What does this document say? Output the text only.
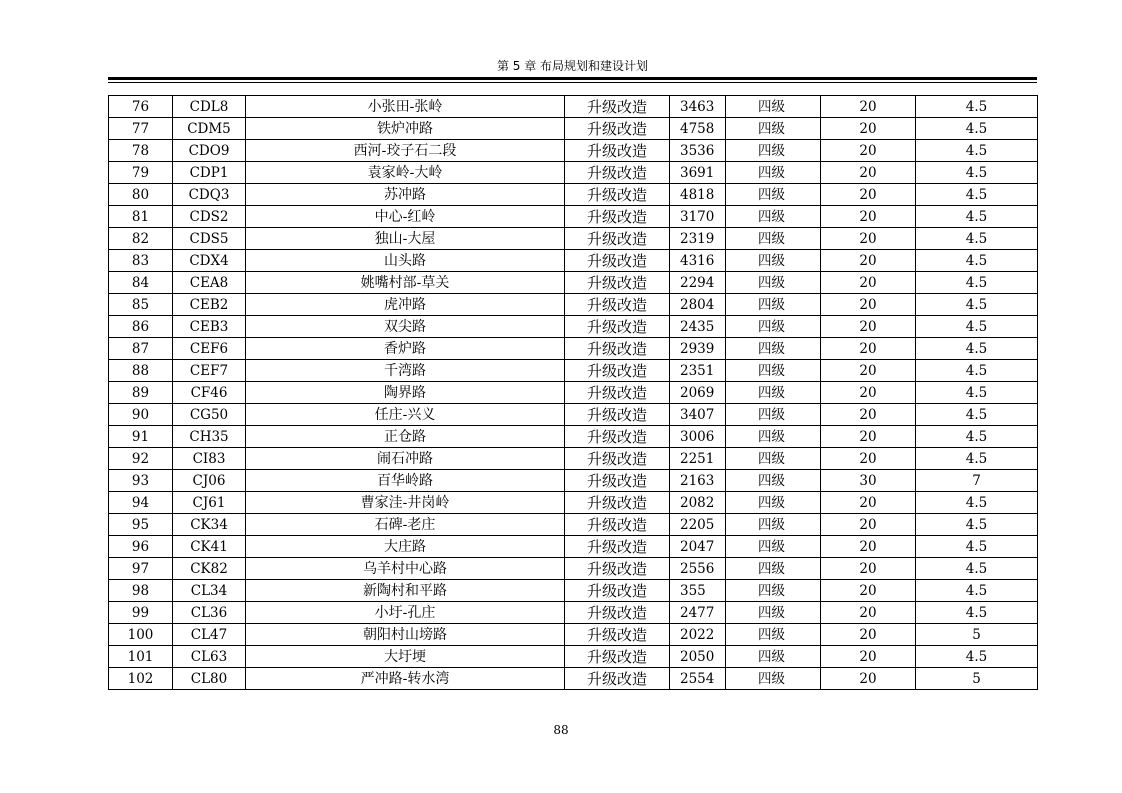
第 5 章 布局规划和建设计划
76	CDL8	小张田-张岭	升级改造	3463	四级	20	4.5
77	CDM5	铁炉冲路	升级改造	4758	四级	20	4.5
78	CDO9	西河-珓子石二段	升级改造	3536	四级	20	4.5
79	CDP1	袁家岭-大岭	升级改造	3691	四级	20	4.5
80	CDQ3	苏冲路	升级改造	4818	四级	20	4.5
81	CDS2	中心-红岭	升级改造	3170	四级	20	4.5
82	CDS5	独山-大屋	升级改造	2319	四级	20	4.5
83	CDX4	山头路	升级改造	4316	四级	20	4.5
84	CEA8	姚嘴村部-草关	升级改造	2294	四级	20	4.5
85	CEB2	虎冲路	升级改造	2804	四级	20	4.5
86	CEB3	双尖路	升级改造	2435	四级	20	4.5
87	CEF6	香炉路	升级改造	2939	四级	20	4.5
88	CEF7	千湾路	升级改造	2351	四级	20	4.5
89	CF46	陶界路	升级改造	2069	四级	20	4.5
90	CG50	任庄-兴义	升级改造	3407	四级	20	4.5
91	CH35	正仓路	升级改造	3006	四级	20	4.5
92	CI83	闹石冲路	升级改造	2251	四级	20	4.5
93	CJ06	百华岭路	升级改造	2163	四级	30	7
94	CJ61	曹家洼-井岗岭	升级改造	2082	四级	20	4.5
95	CK34	石碑-老庄	升级改造	2205	四级	20	4.5
96	CK41	大庄路	升级改造	2047	四级	20	4.5
97	CK82	乌羊村中心路	升级改造	2556	四级	20	4.5
98	CL34	新陶村和平路	升级改造	355	四级	20	4.5
99	CL36	小圩-孔庄	升级改造	2477	四级	20	4.5
100	CL47	朝阳村山塝路	升级改造	2022	四级	20	5
101	CL63	大圩埂	升级改造	2050	四级	20	4.5
102	CL80	严冲路-转水湾	升级改造	2554	四级	20	5
88
